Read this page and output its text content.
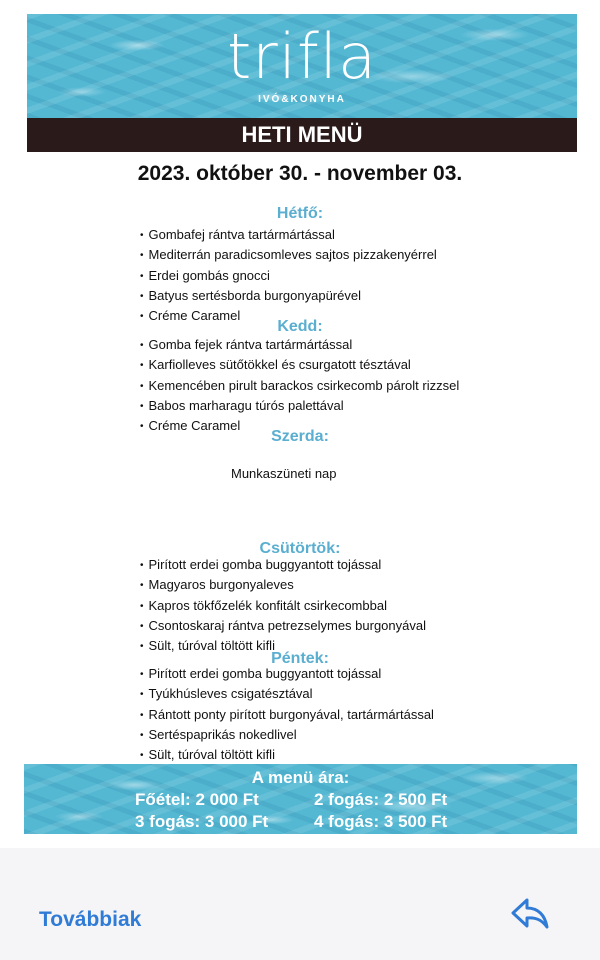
trifla
IVÓ&KONYHA
HETI MENÜ
2023. október 30. - november 03.
Hétfő:
• Gombafej rántva tartármártással
• Mediterrán paradicsomleves sajtos pizzakenyérrel
• Erdei gombás gnocci
• Batyus sertésborda burgonyapürével
• Créme Caramel
Kedd:
• Gomba fejek rántva tartármártással
• Karfiolleves sütőtökkel és csurgatott tésztával
• Kemencében pirult barackos csirkecomb párolt rizzsel
• Babos marharagu túrós palettával
• Créme Caramel
Szerda:
Munkaszüneti nap
Csütörtök:
• Pirított erdei gomba buggyantott tojással
• Magyaros burgonyaleves
• Kapros tökfőzelék konfitált csirkecombbal
• Csontoskaraj rántva petrezselymes burgonyával
• Sült, túróval töltött kifli
Péntek:
• Pirított erdei gomba buggyantott tojással
• Tyúkhúsleves csigatésztával
• Rántott ponty pirított burgonyával, tartármártással
• Sertéspaprikás nokedlivel
• Sült, túróval töltött kifli
A menü ára:
Főétel: 2 000 Ft	2 fogás: 2 500 Ft
3 fogás: 3 000 Ft	4 fogás: 3 500 Ft
Továbbiak
